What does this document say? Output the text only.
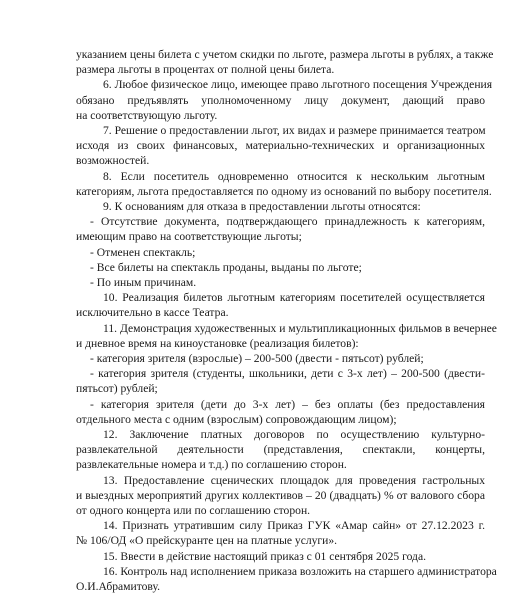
указанием цены билета с учетом скидки по льготе, размера льготы в рублях, а также

размера льготы в процентах от полной цены билета.

6. Любое физическое лицо, имеющее право льготного посещения Учреждения

обязано предъявлять уполномоченному лицу документ, дающий право

на соответствующую льготу.

7. Решение о предоставлении льгот, их видах и размере принимается театром

исходя из своих финансовых, материально-технических и организационных

возможностей.

8. Если посетитель одновременно относится к нескольким льготным

категориям, льгота предоставляется по одному из оснований по выбору посетителя.

9. К основаниям для отказа в предоставлении льготы относятся:

- Отсутствие документа, подтверждающего принадлежность к категориям,

имеющим право на соответствующие льготы;

- Отменен спектакль;

- Все билеты на спектакль проданы, выданы по льготе;

- По иным причинам.

10. Реализация билетов льготным категориям посетителей осуществляется

исключительно в кассе Театра.

11. Демонстрация художественных и мультипликационных фильмов в вечернее

и дневное время на киноустановке (реализация билетов):

- категория зрителя (взрослые) – 200-500 (двести - пятьсот) рублей;

- категория зрителя (студенты, школьники, дети с 3-х лет) – 200-500 (двести-

пятьсот) рублей;

- категория зрителя (дети до 3-х лет) – без оплаты (без предоставления

отдельного места с одним (взрослым) сопровождающим лицом);

12. Заключение платных договоров по осуществлению культурно-

развлекательной деятельности (представления, спектакли, концерты,

развлекательные номера и т.д.) по соглашению сторон.

13. Предоставление сценических площадок для проведения гастрольных

и выездных мероприятий других коллективов – 20 (двадцать) % от валового сбора

от одного концерта или по соглашению сторон.

14. Признать утратившим силу Приказ ГУК «Амар сайн» от 27.12.2023 г.

№ 106/ОД «О прейскуранте цен на платные услуги».

15. Ввести в действие настоящий приказ с 01 сентября 2025 года.

16. Контроль над исполнением приказа возложить на старшего администратора

О.И.Абрамитову.
